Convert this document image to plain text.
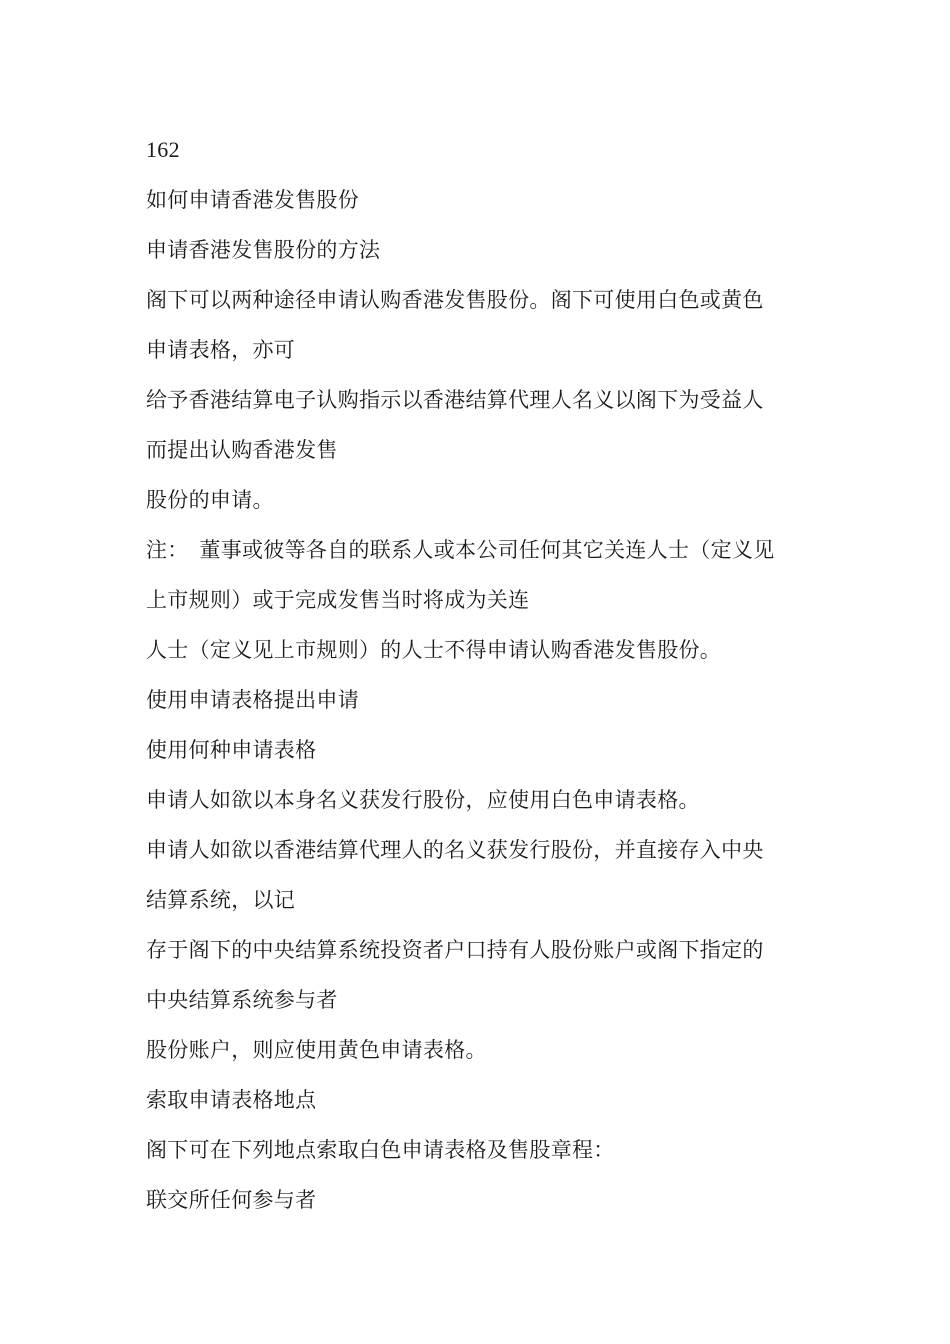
162
如何申请香港发售股份
申请香港发售股份的方法
阁下可以两种途径申请认购香港发售股份。阁下可使用白色或黄色
申请表格，亦可
给予香港结算电子认购指示以香港结算代理人名义以阁下为受益人
而提出认购香港发售
股份的申请。
注：　董事或彼等各自的联系人或本公司任何其它关连人士（定义见
上市规则）或于完成发售当时将成为关连
人士（定义见上市规则）的人士不得申请认购香港发售股份。
使用申请表格提出申请
使用何种申请表格
申请人如欲以本身名义获发行股份，应使用白色申请表格。
申请人如欲以香港结算代理人的名义获发行股份，并直接存入中央
结算系统，以记
存于阁下的中央结算系统投资者户口持有人股份账户或阁下指定的
中央结算系统参与者
股份账户，则应使用黄色申请表格。
索取申请表格地点
阁下可在下列地点索取白色申请表格及售股章程：
联交所任何参与者
